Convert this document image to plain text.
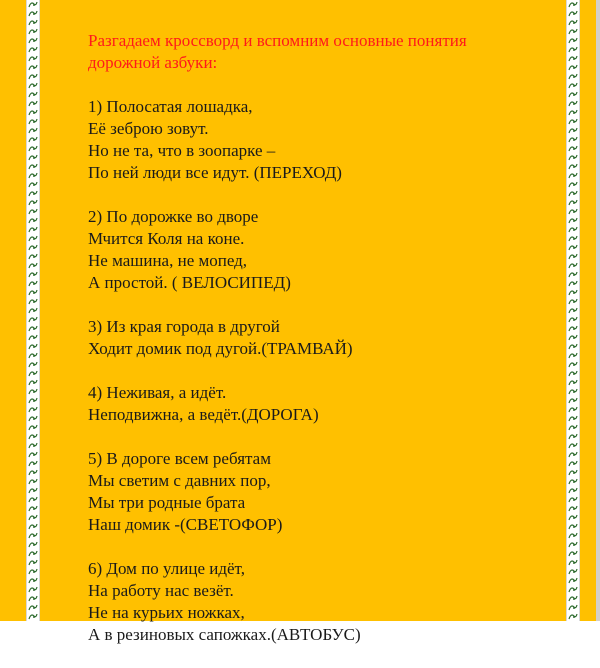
Разгадаем кроссворд и вспомним основные понятия
дорожной азбуки:
1) Полосатая лошадка,
Её зеброю зовут.
Но не та, что в зоопарке –
По ней люди все идут. (ПЕРЕХОД)
2) По дорожке во дворе
Мчится Коля на коне.
Не машина, не мопед,
А простой. ( ВЕЛОСИПЕД)
3) Из края города в другой
Ходит домик под дугой.(ТРАМВАЙ)
4) Неживая, а идёт.
Неподвижна, а ведёт.(ДОРОГА)
5) В дороге всем ребятам
Мы светим с давних пор,
Мы три родные брата
Наш домик -(СВЕТОФОР)
6) Дом по улице идёт,
На работу нас везёт.
Не на курьих ножках,
А в резиновых сапожках.(АВТОБУС)
